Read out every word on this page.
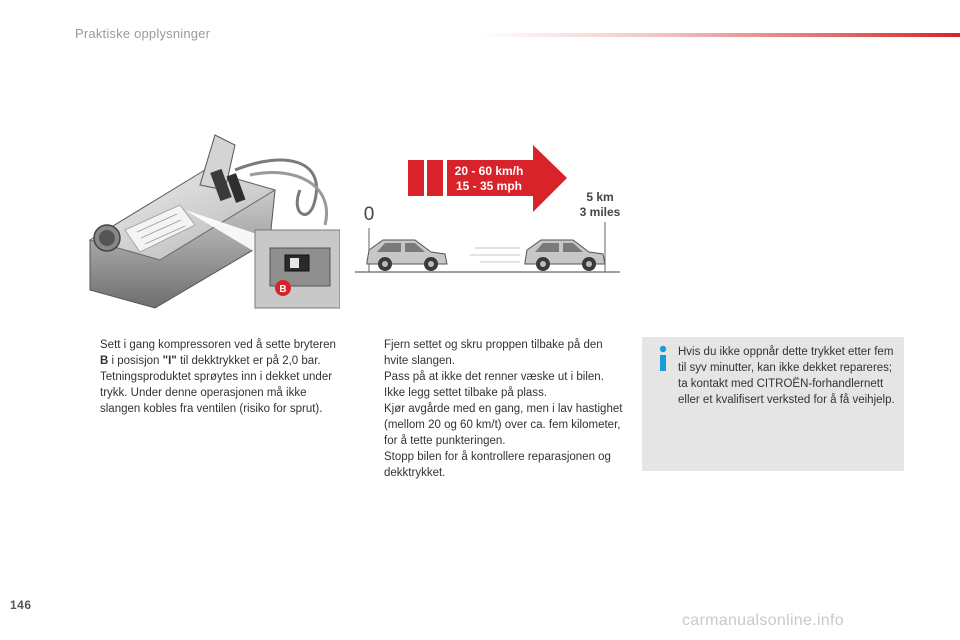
Praktiske opplysninger
B
20 - 60 km/h
15 - 35 mph
0
5 km
3 miles
Sett i gang kompressoren ved å sette bryteren B i posisjon "I" til dekktrykket er på 2,0 bar.
Tetningsproduktet sprøytes inn i dekket under trykk. Under denne operasjonen må ikke slangen kobles fra ventilen (risiko for sprut).
Fjern settet og skru proppen tilbake på den hvite slangen.
Pass på at ikke det renner væske ut i bilen. Ikke legg settet tilbake på plass.
Kjør avgårde med en gang, men i lav hastighet (mellom 20 og 60 km/t) over ca. fem kilometer, for å tette punkteringen.
Stopp bilen for å kontrollere reparasjonen og dekktrykket.
Hvis du ikke oppnår dette trykket etter fem til syv minutter, kan ikke dekket repareres; ta kontakt med CITROËN-forhandlernett eller et kvalifisert verksted for å få veihjelp.
146
carmanualsonline.info
